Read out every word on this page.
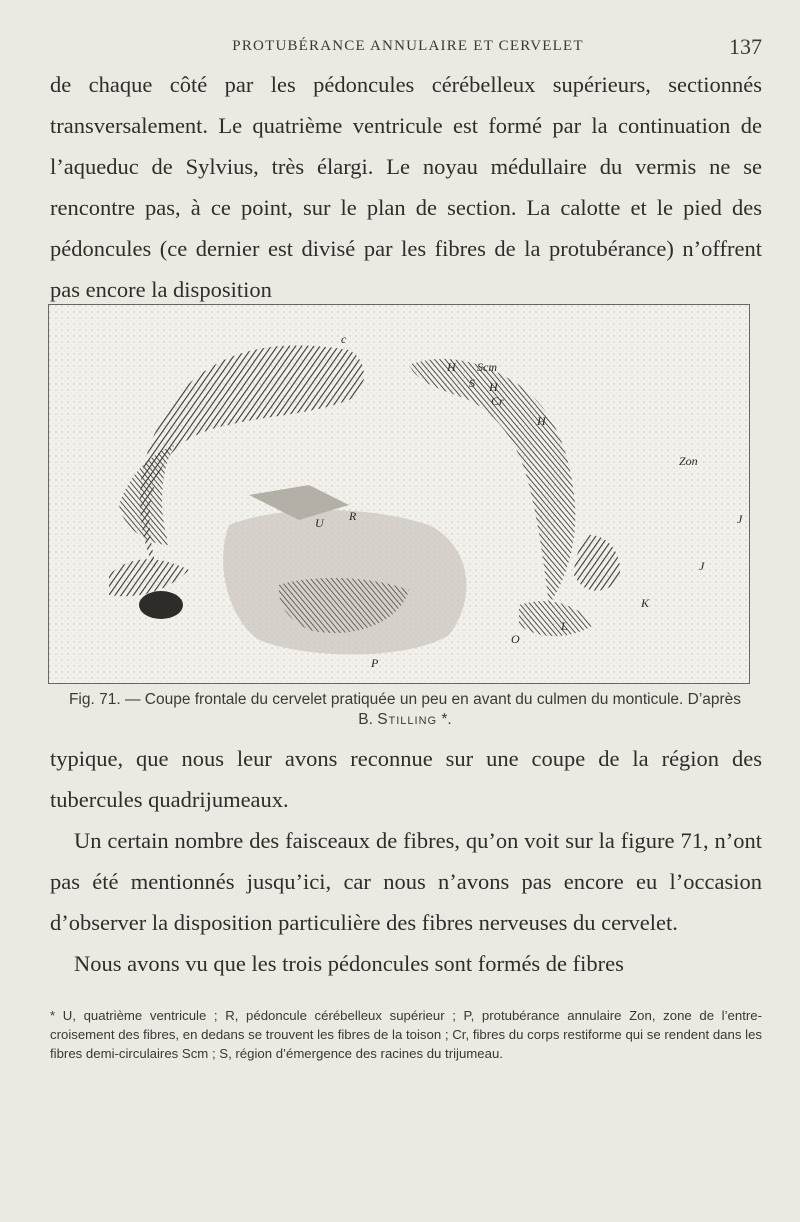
PROTUBÉRANCE ANNULAIRE ET CERVELET	137

de chaque côté par les pédoncules cérébelleux supérieurs, sectionnés transversalement. Le quatrième ventricule est formé par la continuation de l’aqueduc de Sylvius, très élargi. Le noyau médullaire du vermis ne se rencontre pas, à ce point, sur le plan de section. La calotte et le pied des pédoncules (ce dernier est divisé par les fibres de la protubérance) n’offrent pas encore la disposition

c
H Scm
S H
Cr
H
Zon
J
J
U R
K
L
O
P
Fig. 71. — Coupe frontale du cervelet pratiquée un peu en avant du culmen du monticule. D’après B. Stilling *.

typique, que nous leur avons reconnue sur une coupe de la région des tubercules quadrijumeaux.

Un certain nombre des faisceaux de fibres, qu’on voit sur la figure 71, n’ont pas été mentionnés jusqu’ici, car nous n’avons pas encore eu l’occasion d’observer la disposition particulière des fibres nerveuses du cervelet.

Nous avons vu que les trois pédoncules sont formés de fibres

* U, quatrième ventricule ; R, pédoncule cérébelleux supérieur ; P, protubérance annulaire Zon, zone de l’entre-croisement des fibres, en dedans se trouvent les fibres de la toison ; Cr, fibres du corps restiforme qui se rendent dans les fibres demi-circulaires Scm ; S, région d’émergence des racines du trijumeau.
